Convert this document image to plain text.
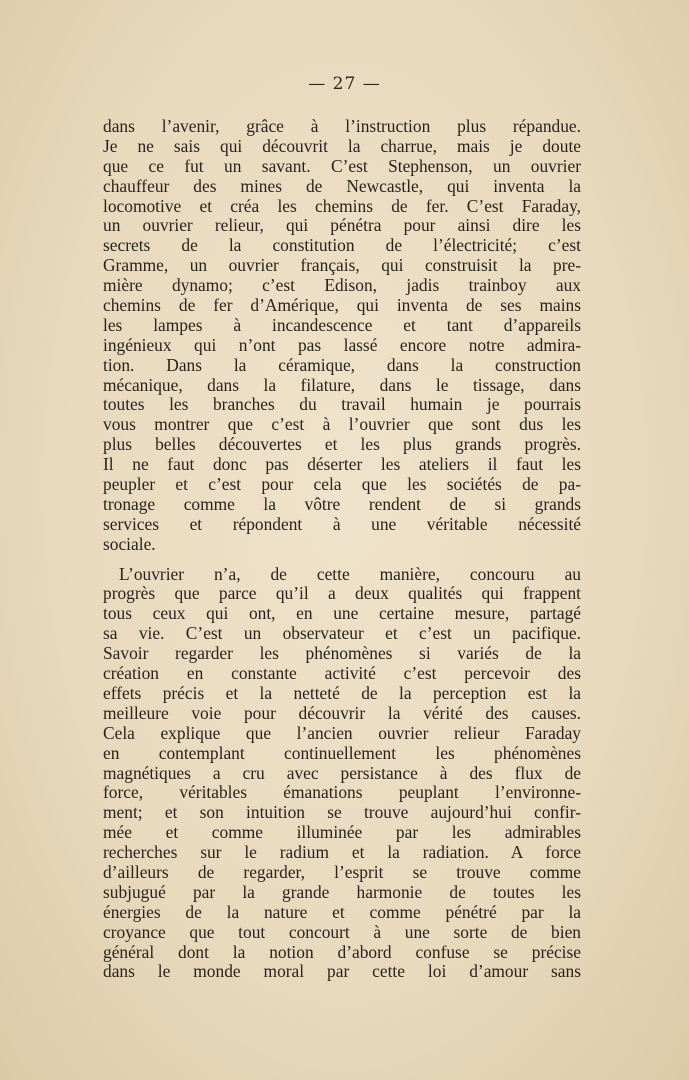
— 27 —
dans l’avenir, grâce à l’instruction plus répandue.
Je ne sais qui découvrit la charrue, mais je doute
que ce fut un savant. C’est Stephenson, un ouvrier
chauffeur des mines de Newcastle, qui inventa la
locomotive et créa les chemins de fer. C’est Faraday,
un ouvrier relieur, qui pénétra pour ainsi dire les
secrets de la constitution de l’électricité; c’est
Gramme, un ouvrier français, qui construisit la pre-
mière dynamo; c’est Edison, jadis trainboy aux
chemins de fer d’Amérique, qui inventa de ses mains
les lampes à incandescence et tant d’appareils
ingénieux qui n’ont pas lassé encore notre admira-
tion. Dans la céramique, dans la construction
mécanique, dans la filature, dans le tissage, dans
toutes les branches du travail humain je pourrais
vous montrer que c’est à l’ouvrier que sont dus les
plus belles découvertes et les plus grands progrès.
Il ne faut donc pas déserter les ateliers il faut les
peupler et c’est pour cela que les sociétés de pa-
tronage comme la vôtre rendent de si grands
services et répondent à une véritable nécessité
sociale.
L’ouvrier n’a, de cette manière, concouru au
progrès que parce qu’il a deux qualités qui frappent
tous ceux qui ont, en une certaine mesure, partagé
sa vie. C’est un observateur et c’est un pacifique.
Savoir regarder les phénomènes si variés de la
création en constante activité c’est percevoir des
effets précis et la netteté de la perception est la
meilleure voie pour découvrir la vérité des causes.
Cela explique que l’ancien ouvrier relieur Faraday
en contemplant continuellement les phénomènes
magnétiques a cru avec persistance à des flux de
force, véritables émanations peuplant l’environne-
ment; et son intuition se trouve aujourd’hui confir-
mée et comme illuminée par les admirables
recherches sur le radium et la radiation. A force
d’ailleurs de regarder, l’esprit se trouve comme
subjugué par la grande harmonie de toutes les
énergies de la nature et comme pénétré par la
croyance que tout concourt à une sorte de bien
général dont la notion d’abord confuse se précise
dans le monde moral par cette loi d’amour sans
